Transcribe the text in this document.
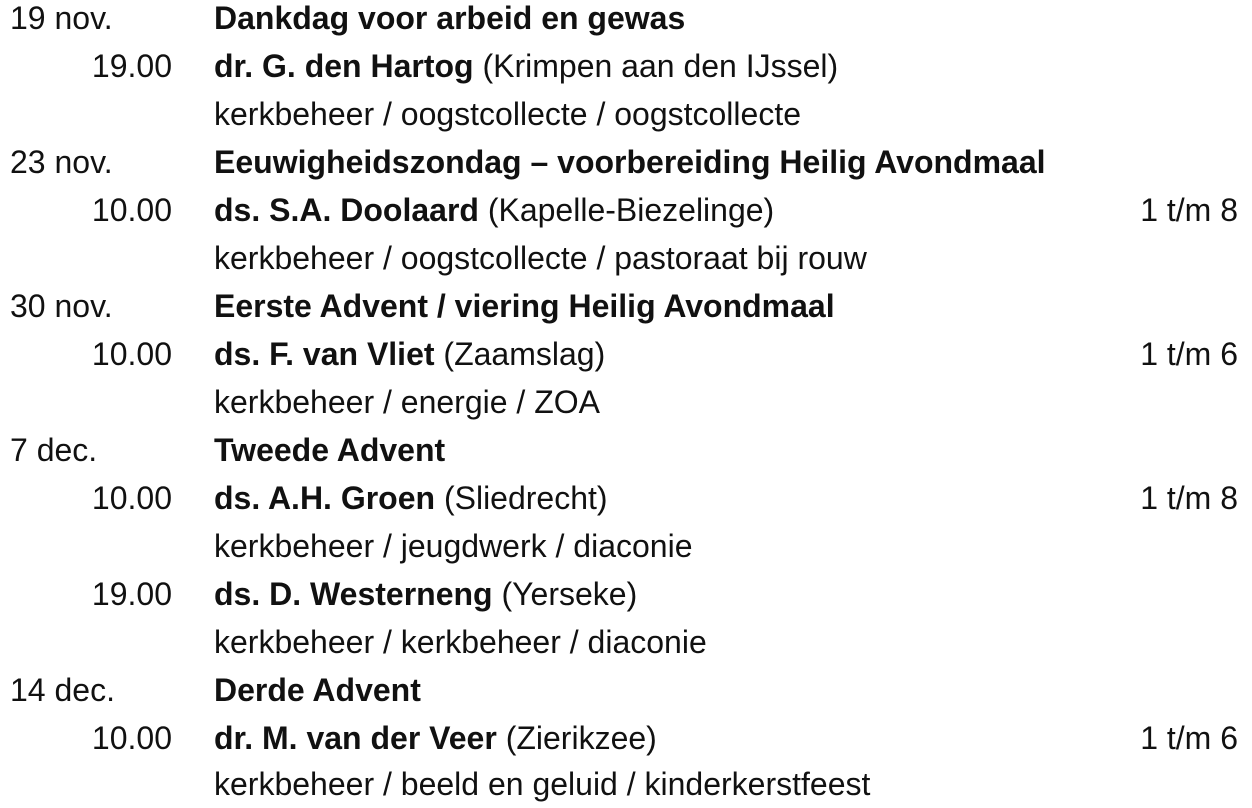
19 nov.	Dankdag voor arbeid en gewas
19.00 dr. G. den Hartog (Krimpen aan den IJssel)
kerkbeheer / oogstcollecte / oogstcollecte
23 nov.	Eeuwigheidszondag – voorbereiding Heilig Avondmaal
10.00 ds. S.A. Doolaard (Kapelle-Biezelinge)	1 t/m 8
kerkbeheer / oogstcollecte / pastoraat bij rouw
30 nov.	Eerste Advent / viering Heilig Avondmaal
10.00 ds. F. van Vliet (Zaamslag)	1 t/m 6
kerkbeheer / energie / ZOA
7 dec.	Tweede Advent
10.00 ds. A.H. Groen (Sliedrecht)	1 t/m 8
kerkbeheer / jeugdwerk / diaconie
19.00 ds. D. Westerneng (Yerseke)
kerkbeheer / kerkbeheer / diaconie
14 dec.	Derde Advent
10.00 dr. M. van der Veer (Zierikzee)	1 t/m 6
kerkbeheer / beeld en geluid / kinderkerstfeest
